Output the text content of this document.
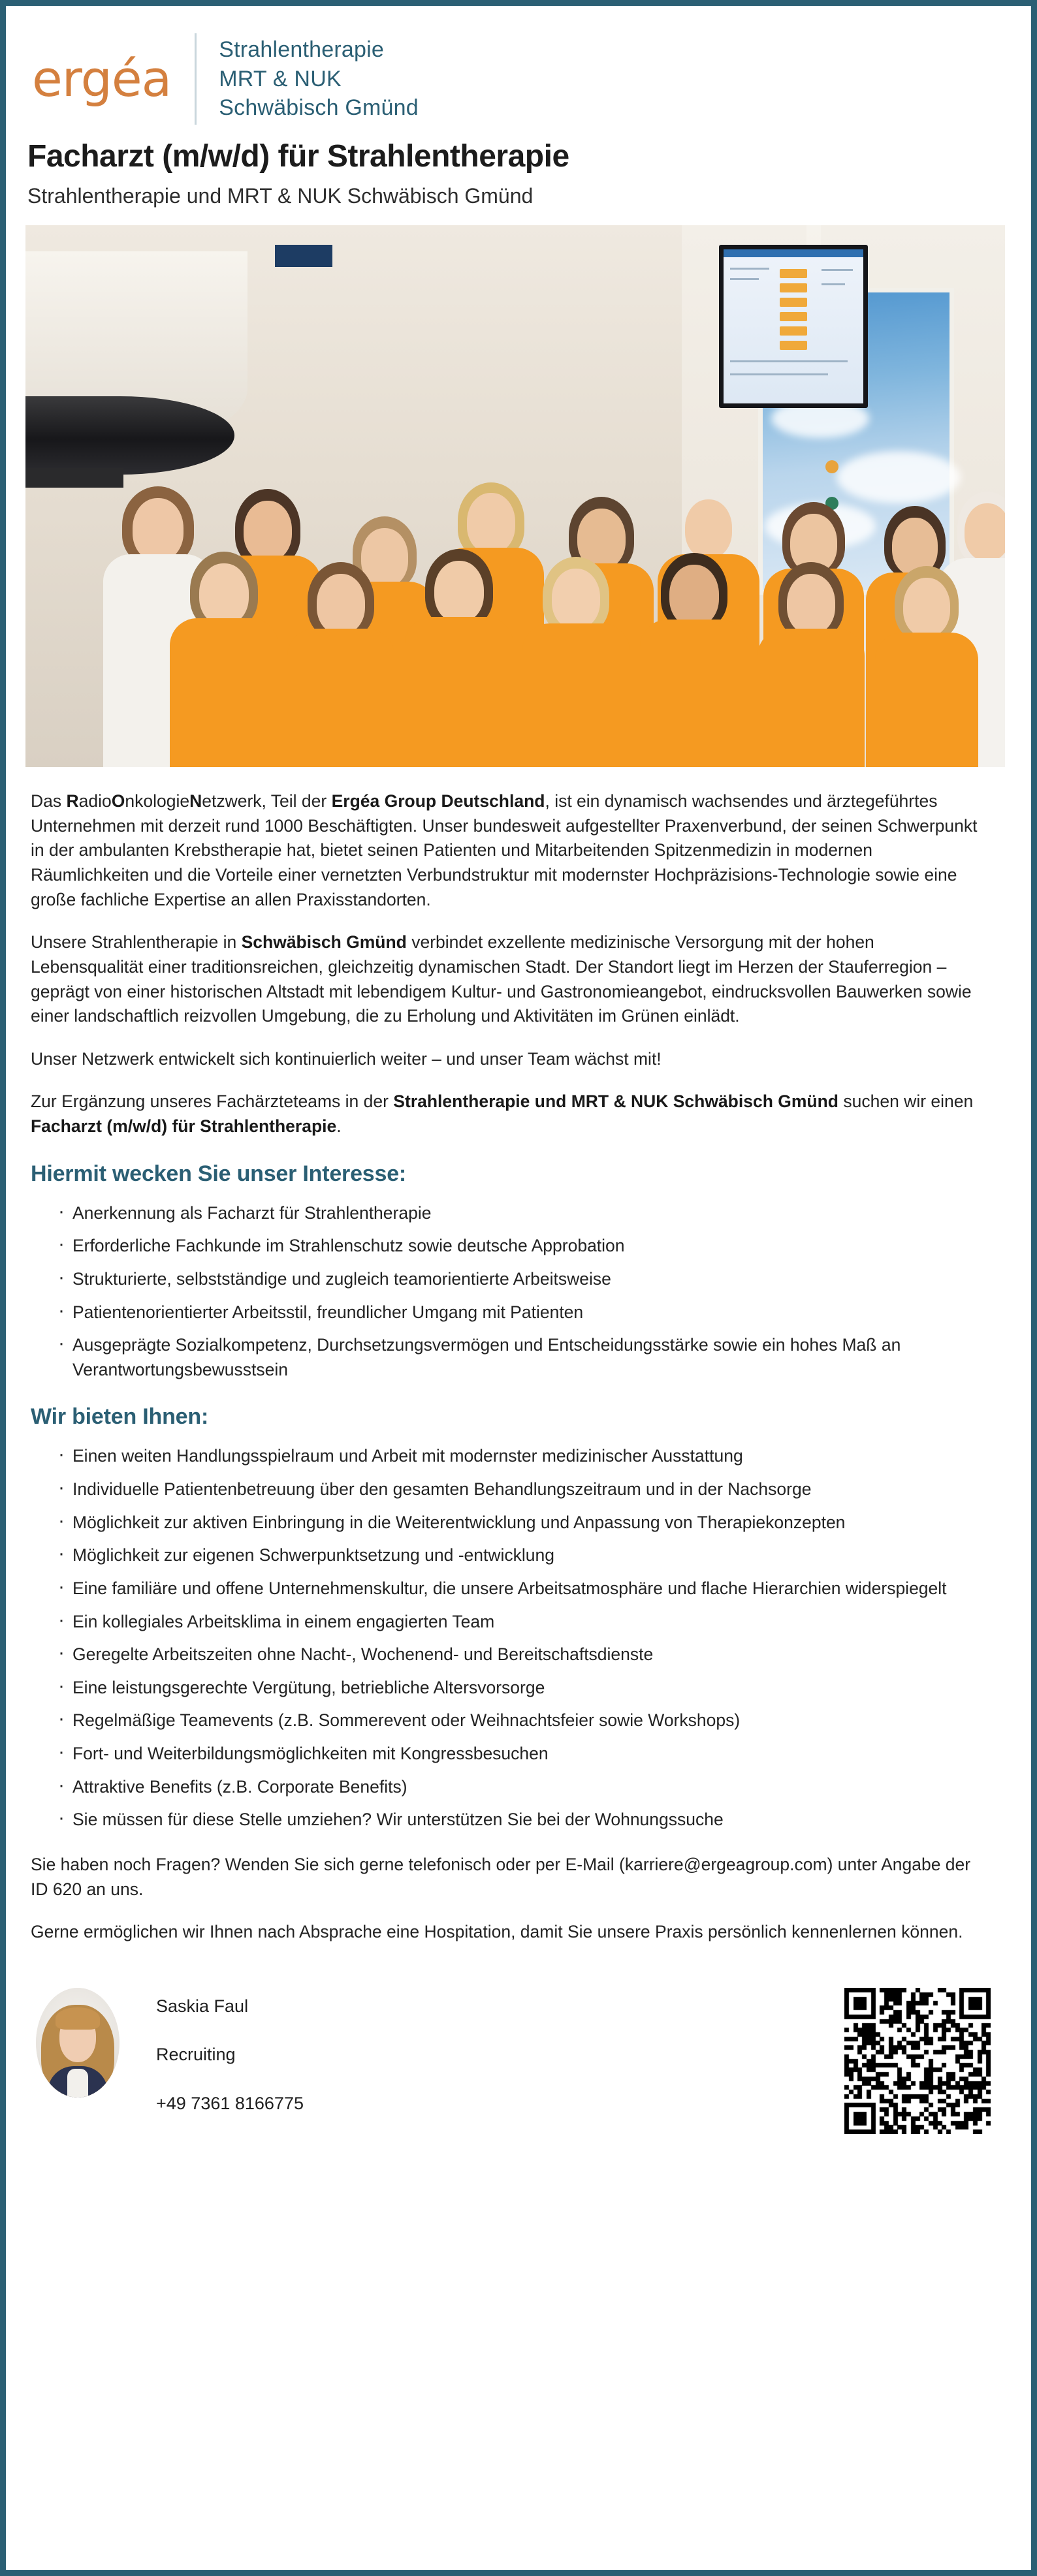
ergéa
Strahlentherapie
MRT & NUK
Schwäbisch Gmünd
Facharzt (m/w/d) für Strahlentherapie
Strahlentherapie und MRT & NUK Schwäbisch Gmünd

Das RadioOnkologieNetzwerk, Teil der Ergéa Group Deutschland, ist ein dynamisch wachsendes und ärztegeführtes Unternehmen mit derzeit rund 1000 Beschäftigten. Unser bundesweit aufgestellter Praxenverbund, der seinen Schwerpunkt in der ambulanten Krebstherapie hat, bietet seinen Patienten und Mitarbeitenden Spitzenmedizin in modernen Räumlichkeiten und die Vorteile einer vernetzten Verbundstruktur mit modernster Hochpräzisions-Technologie sowie eine große fachliche Expertise an allen Praxisstandorten.

Unsere Strahlentherapie in Schwäbisch Gmünd verbindet exzellente medizinische Versorgung mit der hohen Lebensqualität einer traditionsreichen, gleichzeitig dynamischen Stadt. Der Standort liegt im Herzen der Stauferregion – geprägt von einer historischen Altstadt mit lebendigem Kultur- und Gastronomieangebot, eindrucksvollen Bauwerken sowie einer landschaftlich reizvollen Umgebung, die zu Erholung und Aktivitäten im Grünen einlädt.

Unser Netzwerk entwickelt sich kontinuierlich weiter – und unser Team wächst mit!

Zur Ergänzung unseres Fachärzteteams in der Strahlentherapie und MRT & NUK Schwäbisch Gmünd suchen wir einen Facharzt (m/w/d) für Strahlentherapie.

Hiermit wecken Sie unser Interesse:
· Anerkennung als Facharzt für Strahlentherapie
· Erforderliche Fachkunde im Strahlenschutz sowie deutsche Approbation
· Strukturierte, selbstständige und zugleich teamorientierte Arbeitsweise
· Patientenorientierter Arbeitsstil, freundlicher Umgang mit Patienten
· Ausgeprägte Sozialkompetenz, Durchsetzungsvermögen und Entscheidungsstärke sowie ein hohes Maß an Verantwortungsbewusstsein
Wir bieten Ihnen:
· Einen weiten Handlungsspielraum und Arbeit mit modernster medizinischer Ausstattung
· Individuelle Patientenbetreuung über den gesamten Behandlungszeitraum und in der Nachsorge
· Möglichkeit zur aktiven Einbringung in die Weiterentwicklung und Anpassung von Therapiekonzepten
· Möglichkeit zur eigenen Schwerpunktsetzung und -entwicklung
· Eine familiäre und offene Unternehmenskultur, die unsere Arbeitsatmosphäre und flache Hierarchien widerspiegelt
· Ein kollegiales Arbeitsklima in einem engagierten Team
· Geregelte Arbeitszeiten ohne Nacht-, Wochenend- und Bereitschaftsdienste
· Eine leistungsgerechte Vergütung, betriebliche Altersvorsorge
· Regelmäßige Teamevents (z.B. Sommerevent oder Weihnachtsfeier sowie Workshops)
· Fort- und Weiterbildungsmöglichkeiten mit Kongressbesuchen
· Attraktive Benefits (z.B. Corporate Benefits)
· Sie müssen für diese Stelle umziehen? Wir unterstützen Sie bei der Wohnungssuche

Sie haben noch Fragen? Wenden Sie sich gerne telefonisch oder per E-Mail (karriere@ergeagroup.com) unter Angabe der ID 620 an uns.

Gerne ermöglichen wir Ihnen nach Absprache eine Hospitation, damit Sie unsere Praxis persönlich kennenlernen können.

Saskia Faul
Recruiting
+49 7361 8166775
